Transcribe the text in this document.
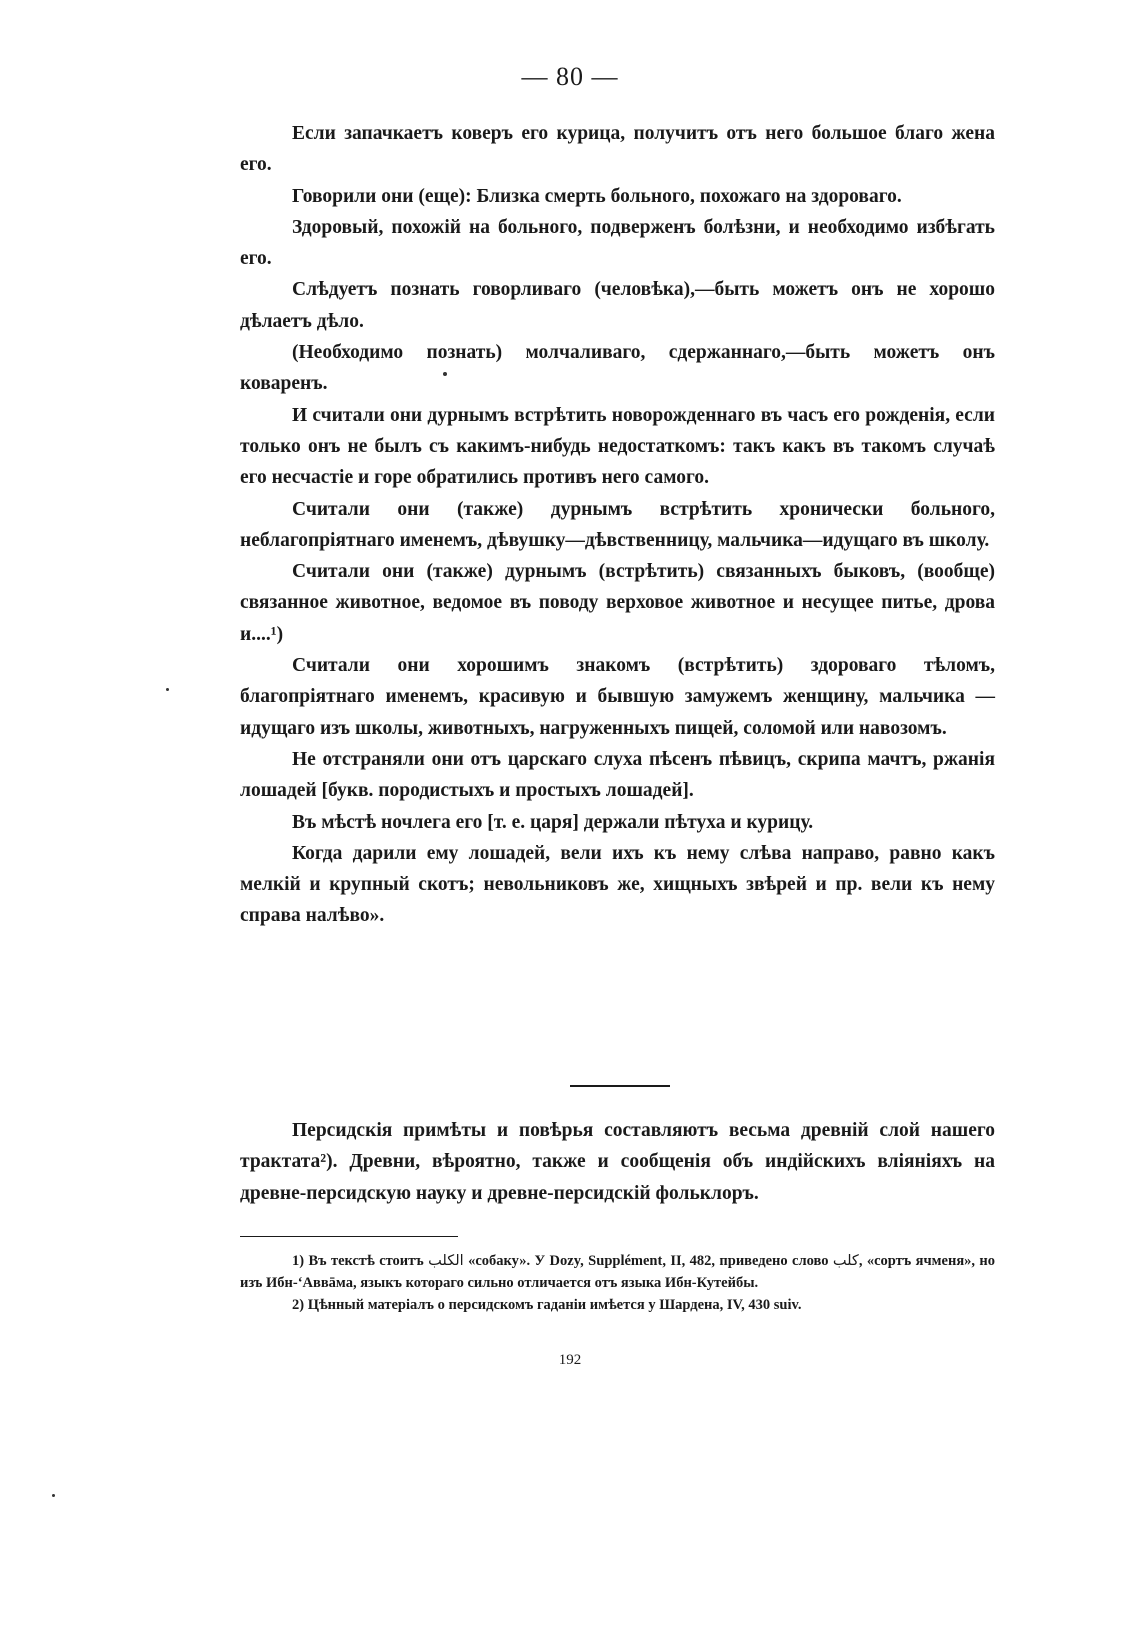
— 80 —

Если запачкаетъ коверъ его курица, получитъ отъ него большое благо жена его.

Говорили они (еще): Близка смерть больного, похожаго на здороваго.

Здоровый, похожій на больного, подверженъ болѣзни, и необходимо избѣгать его.

Слѣдуетъ познать говорливаго (человѣка),—быть можетъ онъ не хорошо дѣлаетъ дѣло.

(Необходимо познать) молчаливаго, сдержаннаго,—быть можетъ онъ коваренъ.

И считали они дурнымъ встрѣтить новорожденнаго въ часъ его рожденія, если только онъ не былъ съ какимъ-нибудь недостаткомъ: такъ какъ въ такомъ случаѣ его несчастіе и горе обратились противъ него самого.

Считали они (также) дурнымъ встрѣтить хронически больного, неблагопріятнаго именемъ, дѣвушку—дѣвственницу, мальчика—идущаго въ школу.

Считали они (также) дурнымъ (встрѣтить) связанныхъ быковъ, (вообще) связанное животное, ведомое въ поводу верховое животное и несущее питье, дрова и....¹)

Считали они хорошимъ знакомъ (встрѣтить) здороваго тѣломъ, благопріятнаго именемъ, красивую и бывшую замужемъ женщину, мальчика — идущаго изъ школы, животныхъ, нагруженныхъ пищей, соломой или навозомъ.

Не отстраняли они отъ царскаго слуха пѣсенъ пѣвицъ, скрипа мачтъ, ржанія лошадей [букв. породистыхъ и простыхъ лошадей].

Въ мѣстѣ ночлега его [т. е. царя] держали пѣтуха и курицу.

Когда дарили ему лошадей, вели ихъ къ нему слѣва направо, равно какъ мелкій и крупный скотъ; невольниковъ же, хищныхъ звѣрей и пр. вели къ нему справа налѣво».

Персидскія примѣты и повѣрья составляютъ весьма древній слой нашего трактата²). Древни, вѣроятно, также и сообщенія объ индійскихъ вліяніяхъ на древне-персидскую науку и древне-персидскій фольклоръ.

1) Въ текстѣ стоитъ الكلب «собаку». У Dozy, Supplément, II, 482, приведено слово كلب, «сортъ ячменя», но изъ Ибн-ʻАввāма, языкъ котораго сильно отличается отъ языка Ибн-Кутейбы.

2) Цѣнный матеріалъ о персидскомъ гаданіи имѣется у Шардена, IV, 430 suiv.

192
